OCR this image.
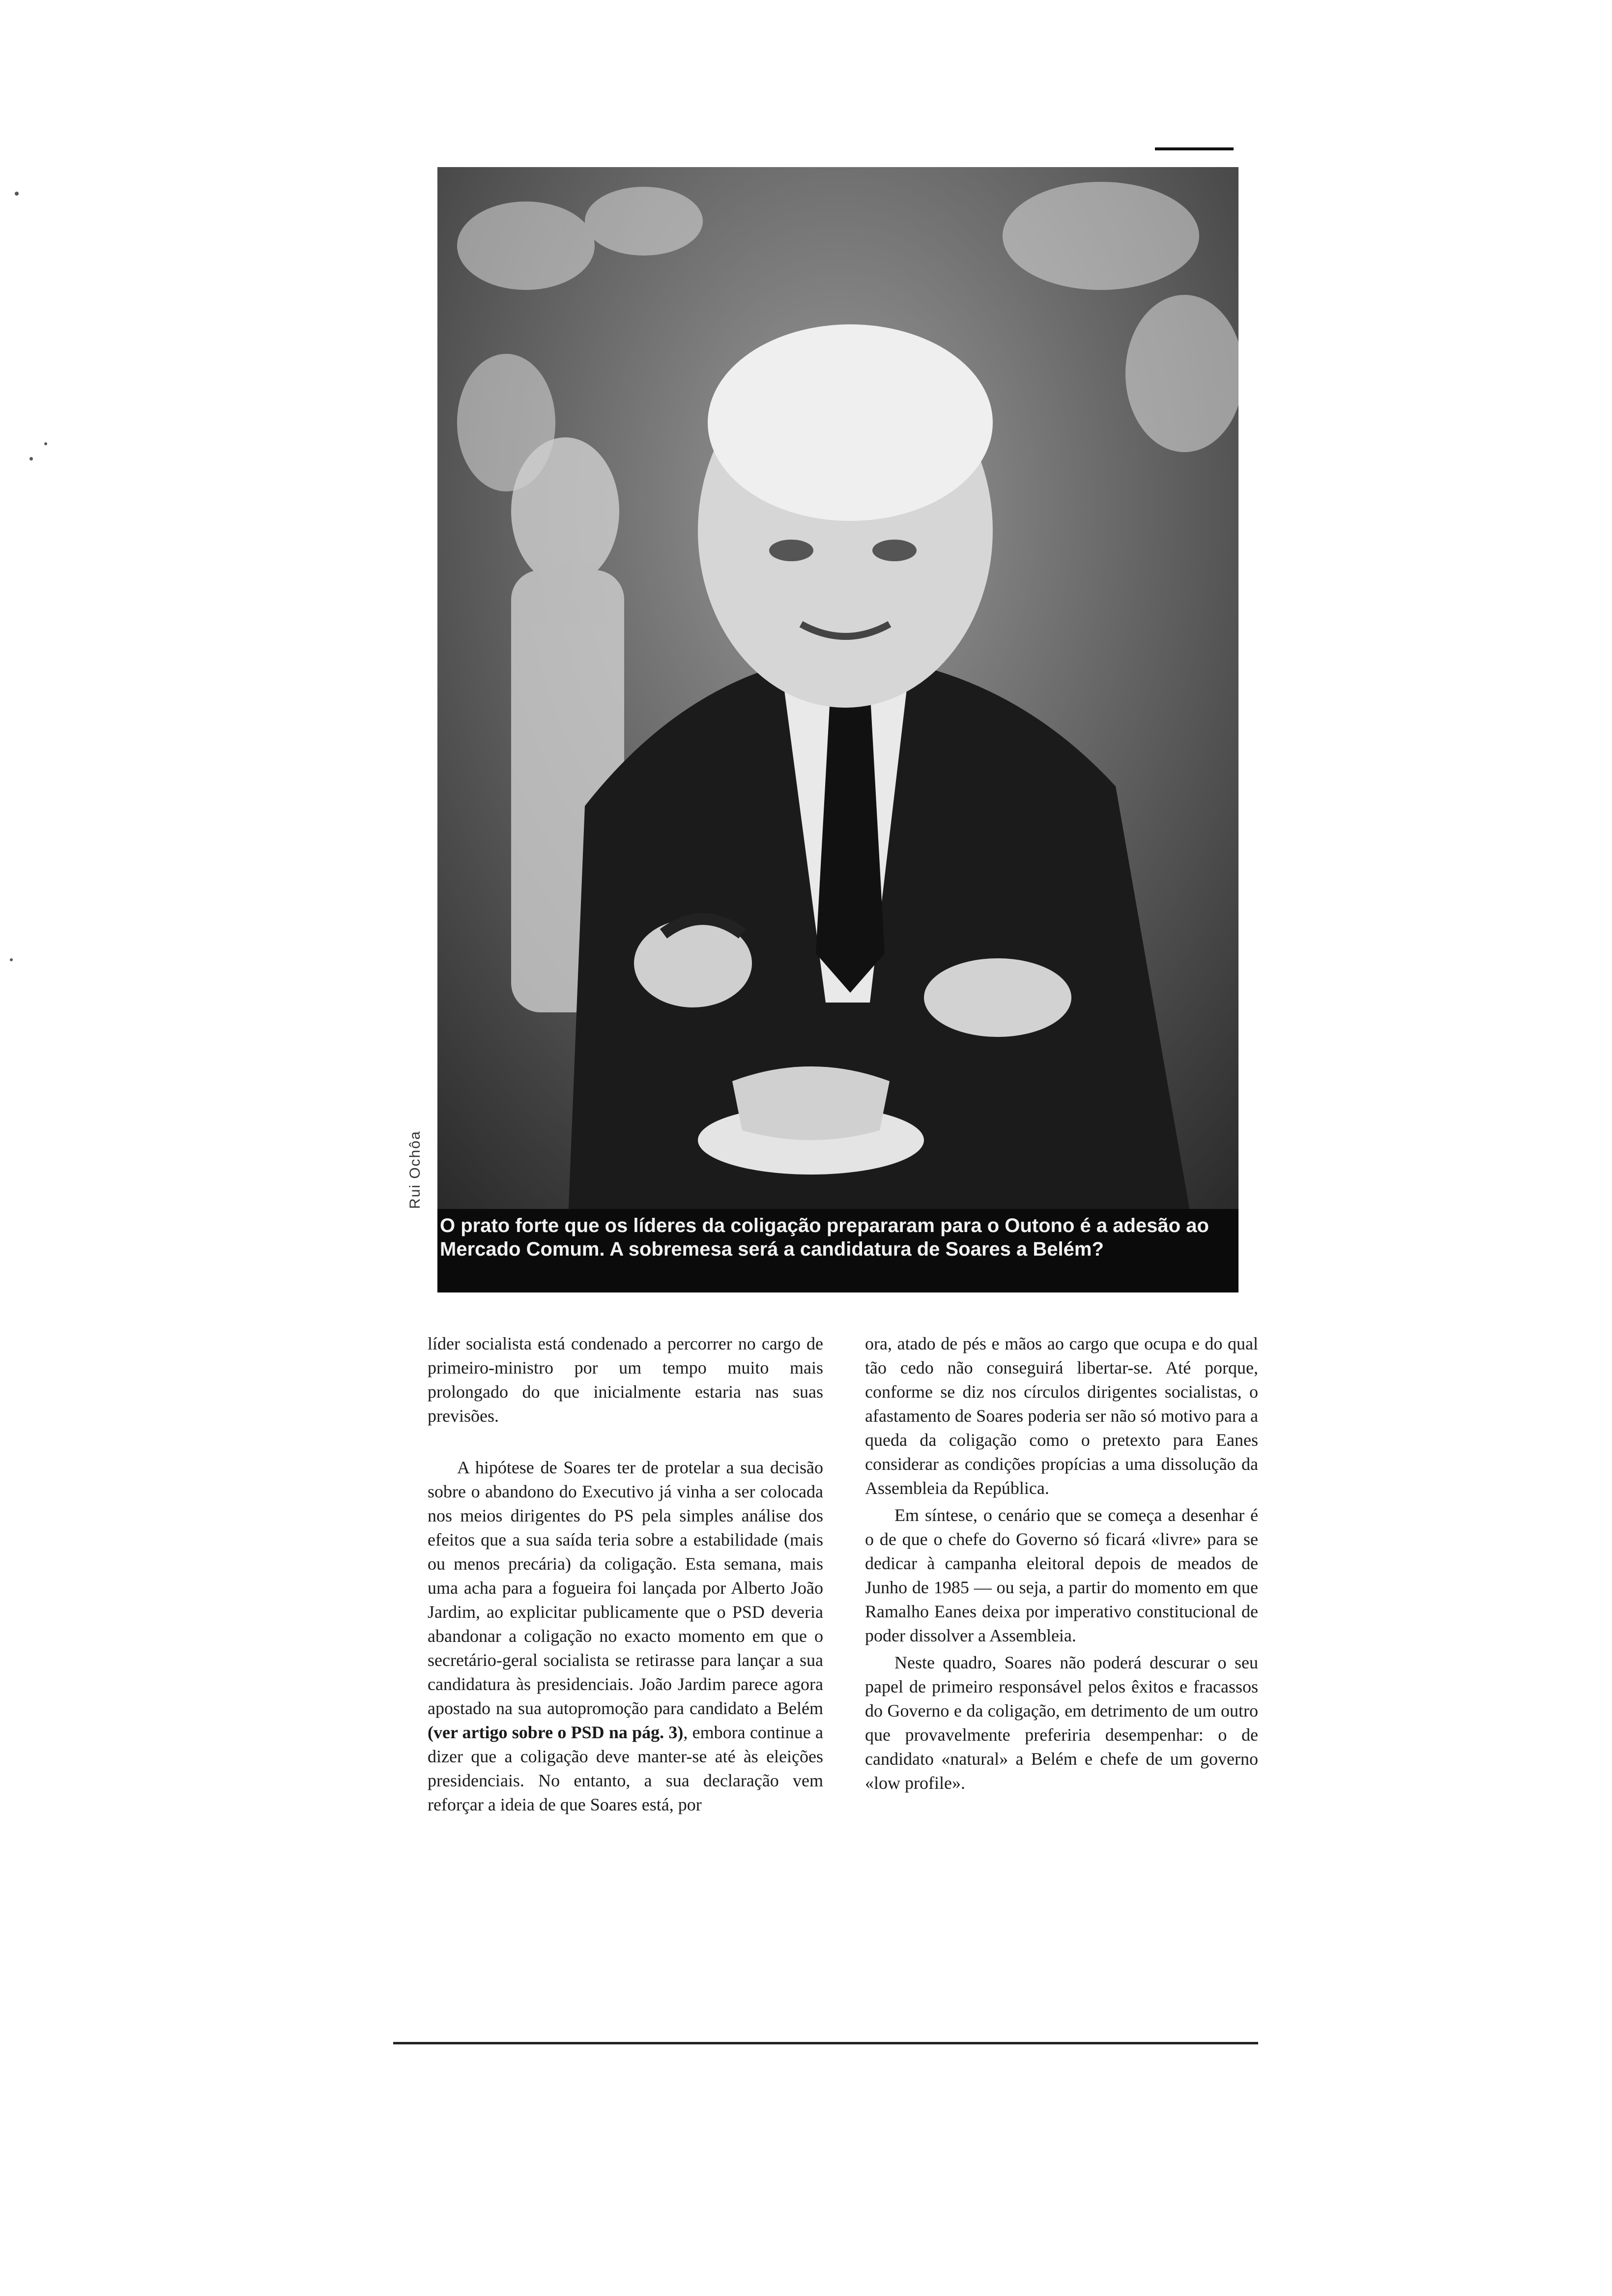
Rui Ochôa

O prato forte que os líderes da coligação prepararam para o Outono é a adesão ao Mercado Comum. A sobremesa será a candidatura de Soares a Belém?

líder socialista está condenado a percorrer no cargo de primeiro-ministro por um tempo muito mais prolongado do que inicialmente estaria nas suas previsões.

A hipótese de Soares ter de protelar a sua decisão sobre o abandono do Executivo já vinha a ser colocada nos meios dirigentes do PS pela simples análise dos efeitos que a sua saída teria sobre a estabilidade (mais ou menos precária) da coligação. Esta semana, mais uma acha para a fogueira foi lançada por Alberto João Jardim, ao explicitar publicamente que o PSD deveria abandonar a coligação no exacto momento em que o secretário-geral socialista se retirasse para lançar a sua candidatura às presidenciais. João Jardim parece agora apostado na sua autopromoção para candidato a Belém (ver artigo sobre o PSD na pág. 3), embora continue a dizer que a coligação deve manter-se até às eleições presidenciais. No entanto, a sua declaração vem reforçar a ideia de que Soares está, por

ora, atado de pés e mãos ao cargo que ocupa e do qual tão cedo não conseguirá libertar-se. Até porque, conforme se diz nos círculos dirigentes socialistas, o afastamento de Soares poderia ser não só motivo para a queda da coligação como o pretexto para Eanes considerar as condições propícias a uma dissolução da Assembleia da República.

Em síntese, o cenário que se começa a desenhar é o de que o chefe do Governo só ficará «livre» para se dedicar à campanha eleitoral depois de meados de Junho de 1985 — ou seja, a partir do momento em que Ramalho Eanes deixa por imperativo constitucional de poder dissolver a Assembleia.

Neste quadro, Soares não poderá descurar o seu papel de primeiro responsável pelos êxitos e fracassos do Governo e da coligação, em detrimento de um outro que provavelmente preferiria desempenhar: o de candidato «natural» a Belém e chefe de um governo «low profile».
